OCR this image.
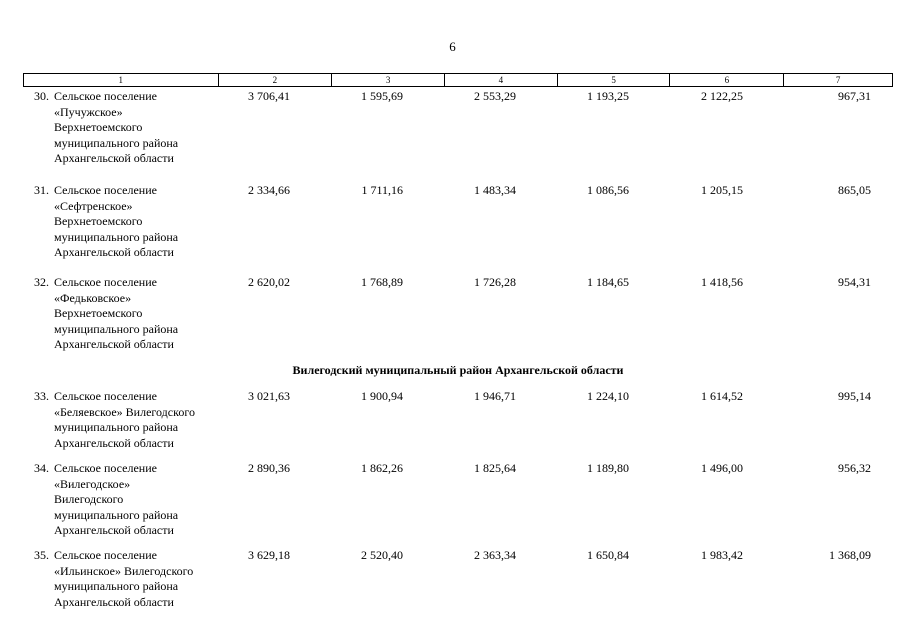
6
1	2	3	4	5	6	7
30. Сельское поселение
«Пучужское»
Верхнетоемского
муниципального района
Архангельской области
3 706,41	1 595,69	2 553,29	1 193,25	2 122,25	967,31
31. Сельское поселение
«Сефтренское»
Верхнетоемского
муниципального района
Архангельской области
2 334,66	1 711,16	1 483,34	1 086,56	1 205,15	865,05
32. Сельское поселение
«Федьковское»
Верхнетоемского
муниципального района
Архангельской области
2 620,02	1 768,89	1 726,28	1 184,65	1 418,56	954,31
Вилегодский муниципальный район Архангельской области
33. Сельское поселение
«Беляевское» Вилегодского
муниципального района
Архангельской области
3 021,63	1 900,94	1 946,71	1 224,10	1 614,52	995,14
34. Сельское поселение
«Вилегодское»
Вилегодского
муниципального района
Архангельской области
2 890,36	1 862,26	1 825,64	1 189,80	1 496,00	956,32
35. Сельское поселение
«Ильинское» Вилегодского
муниципального района
Архангельской области
3 629,18	2 520,40	2 363,34	1 650,84	1 983,42	1 368,09
